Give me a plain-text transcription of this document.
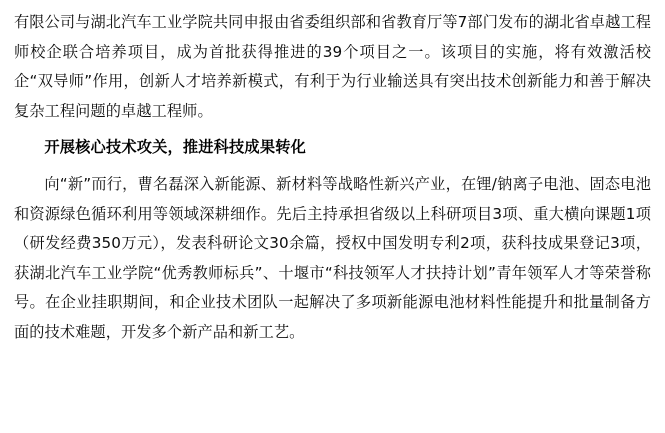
有限公司与湖北汽车工业学院共同申报由省委组织部和省教育厅等7部门发布的湖北省卓越工程师校企联合培养项目，成为首批获得推进的39个项目之一。该项目的实施，将有效激活校企“双导师”作用，创新人才培养新模式，有利于为行业输送具有突出技术创新能力和善于解决复杂工程问题的卓越工程师。

开展核心技术攻关，推进科技成果转化

向“新”而行，曹名磊深入新能源、新材料等战略性新兴产业，在锂/钠离子电池、固态电池和资源绿色循环利用等领域深耕细作。先后主持承担省级以上科研项目3项、重大横向课题1项（研发经费350万元），发表科研论文30余篇，授权中国发明专利2项，获科技成果登记3项，获湖北汽车工业学院“优秀教师标兵”、十堰市“科技领军人才扶持计划”青年领军人才等荣誉称号。在企业挂职期间，和企业技术团队一起解决了多项新能源电池材料性能提升和批量制备方面的技术难题，开发多个新产品和新工艺。
